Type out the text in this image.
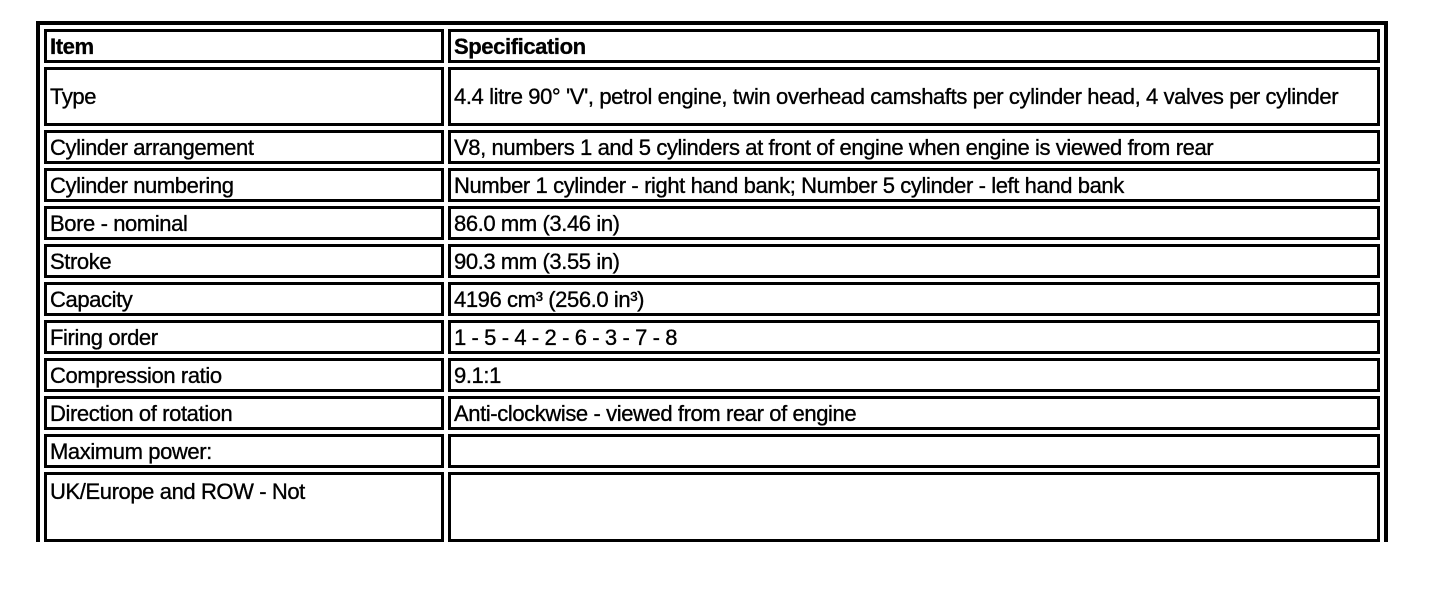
Item	Specification
Type	4.4 litre 90° 'V', petrol engine, twin overhead camshafts per cylinder head, 4 valves per cylinder
Cylinder arrangement	V8, numbers 1 and 5 cylinders at front of engine when engine is viewed from rear
Cylinder numbering	Number 1 cylinder - right hand bank; Number 5 cylinder - left hand bank
Bore - nominal	86.0 mm (3.46 in)
Stroke	90.3 mm (3.55 in)
Capacity	4196 cm³ (256.0 in³)
Firing order	1 - 5 - 4 - 2 - 6 - 3 - 7 - 8
Compression ratio	9.1:1
Direction of rotation	Anti-clockwise - viewed from rear of engine
Maximum power:	
UK/Europe and ROW - Not	
